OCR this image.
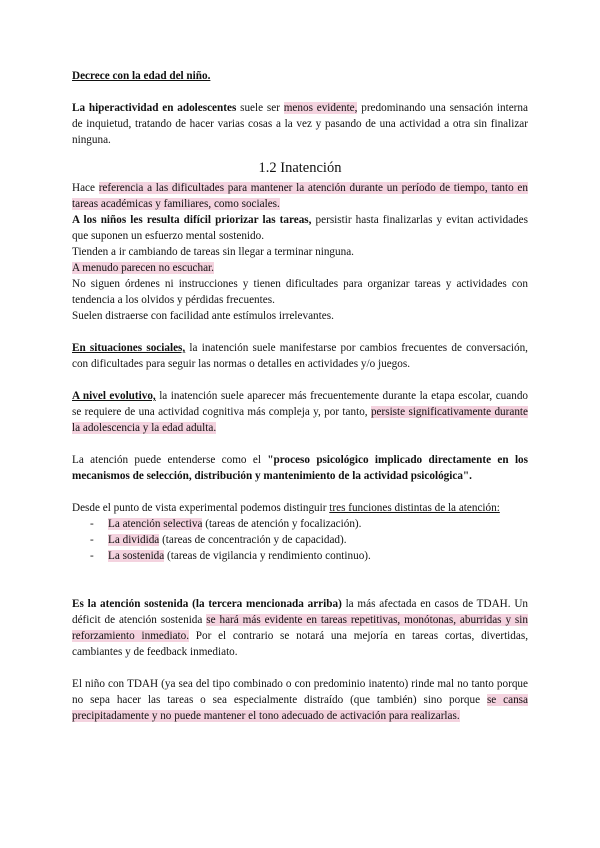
Decrece con la edad del niño.

La hiperactividad en adolescentes suele ser menos evidente, predominando una sensación interna de inquietud, tratando de hacer varias cosas a la vez y pasando de una actividad a otra sin finalizar ninguna.

1.2 Inatención

Hace referencia a las dificultades para mantener la atención durante un período de tiempo, tanto en tareas académicas y familiares, como sociales.

A los niños les resulta difícil priorizar las tareas, persistir hasta finalizarlas y evitan actividades que suponen un esfuerzo mental sostenido.

Tienden a ir cambiando de tareas sin llegar a terminar ninguna.

A menudo parecen no escuchar.

No siguen órdenes ni instrucciones y tienen dificultades para organizar tareas y actividades con tendencia a los olvidos y pérdidas frecuentes.

Suelen distraerse con facilidad ante estímulos irrelevantes.

En situaciones sociales, la inatención suele manifestarse por cambios frecuentes de conversación, con dificultades para seguir las normas o detalles en actividades y/o juegos.

A nivel evolutivo, la inatención suele aparecer más frecuentemente durante la etapa escolar, cuando se requiere de una actividad cognitiva más compleja y, por tanto, persiste significativamente durante la adolescencia y la edad adulta.

La atención puede entenderse como el "proceso psicológico implicado directamente en los mecanismos de selección, distribución y mantenimiento de la actividad psicológica".

Desde el punto de vista experimental podemos distinguir tres funciones distintas de la atención:

- La atención selectiva (tareas de atención y focalización).
- La dividida (tareas de concentración y de capacidad).
- La sostenida (tareas de vigilancia y rendimiento continuo).

Es la atención sostenida (la tercera mencionada arriba) la más afectada en casos de TDAH. Un déficit de atención sostenida se hará más evidente en tareas repetitivas, monótonas, aburridas y sin reforzamiento inmediato. Por el contrario se notará una mejoría en tareas cortas, divertidas, cambiantes y de feedback inmediato.

El niño con TDAH (ya sea del tipo combinado o con predominio inatento) rinde mal no tanto porque no sepa hacer las tareas o sea especialmente distraído (que también) sino porque se cansa precipitadamente y no puede mantener el tono adecuado de activación para realizarlas.
